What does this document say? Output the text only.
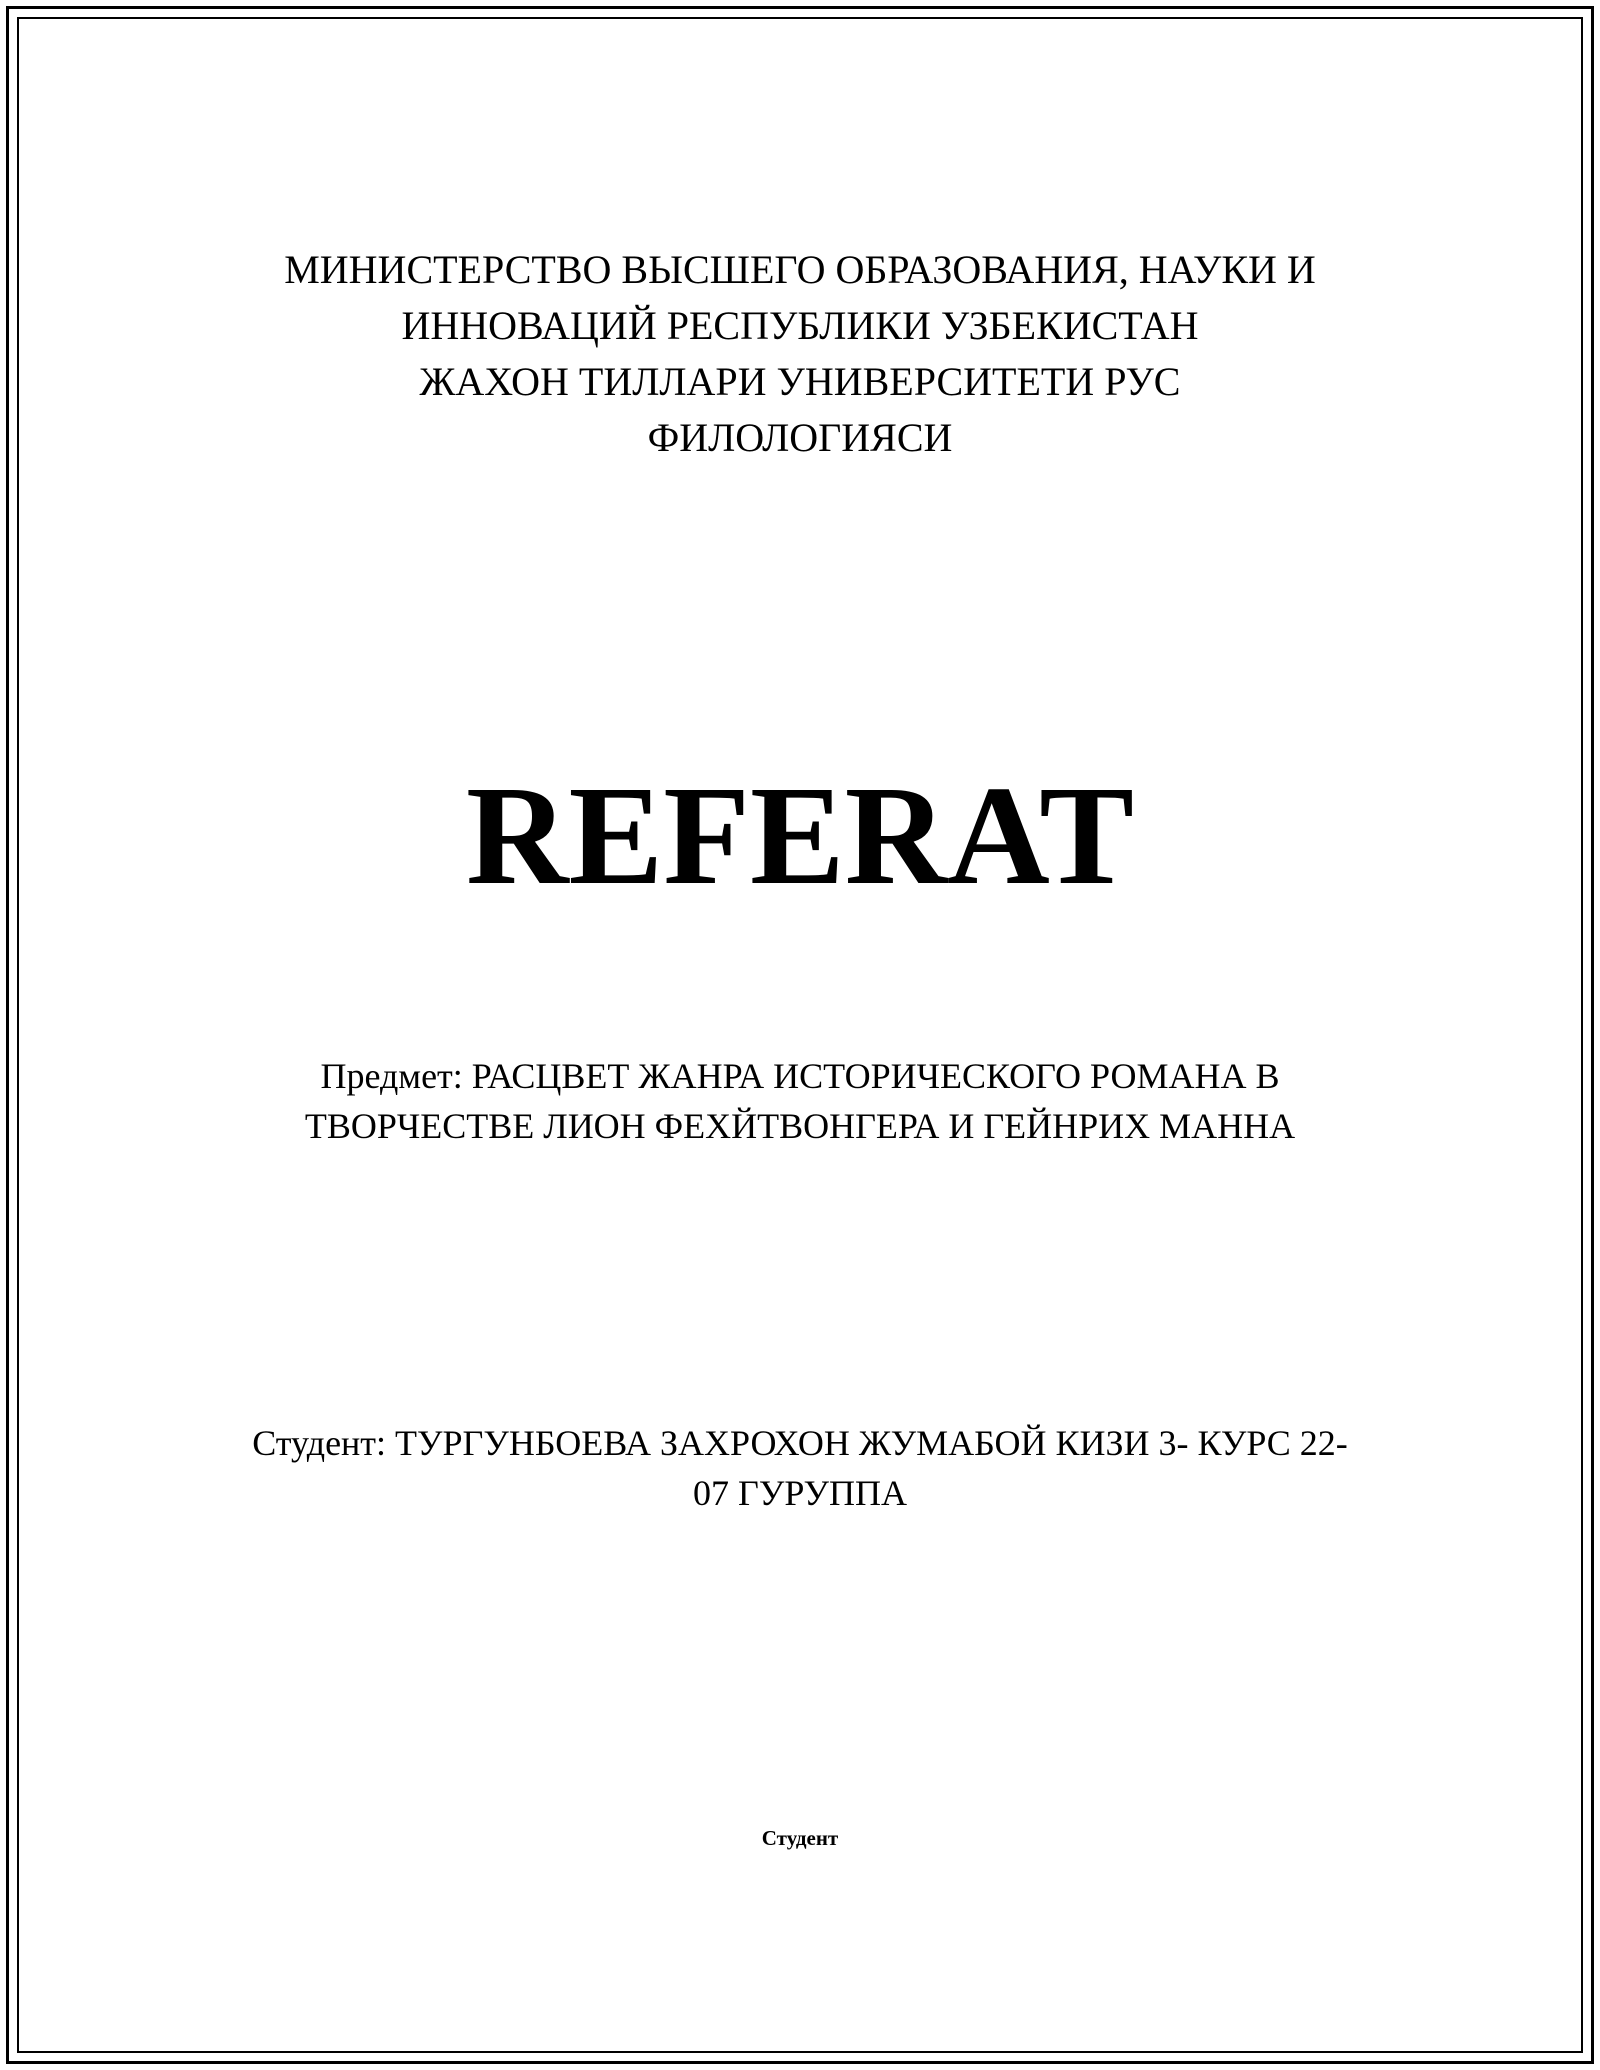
МИНИСТЕРСТВО ВЫСШЕГО ОБРАЗОВАНИЯ, НАУКИ И
ИННОВАЦИЙ РЕСПУБЛИКИ УЗБЕКИСТАН
ЖАХОН ТИЛЛАРИ УНИВЕРСИТЕТИ РУС
ФИЛОЛОГИЯСИ
REFERAT
Предмет: РАСЦВЕТ ЖАНРА ИСТОРИЧЕСКОГО РОМАНА В
ТВОРЧЕСТВЕ ЛИОН ФЕХЙТВОНГЕРА И ГЕЙНРИХ МАННА
Студент: ТУРГУНБОЕВА ЗАХРОХОН ЖУМАБОЙ КИЗИ 3- КУРС 22-
07 ГУРУППА
Студент
